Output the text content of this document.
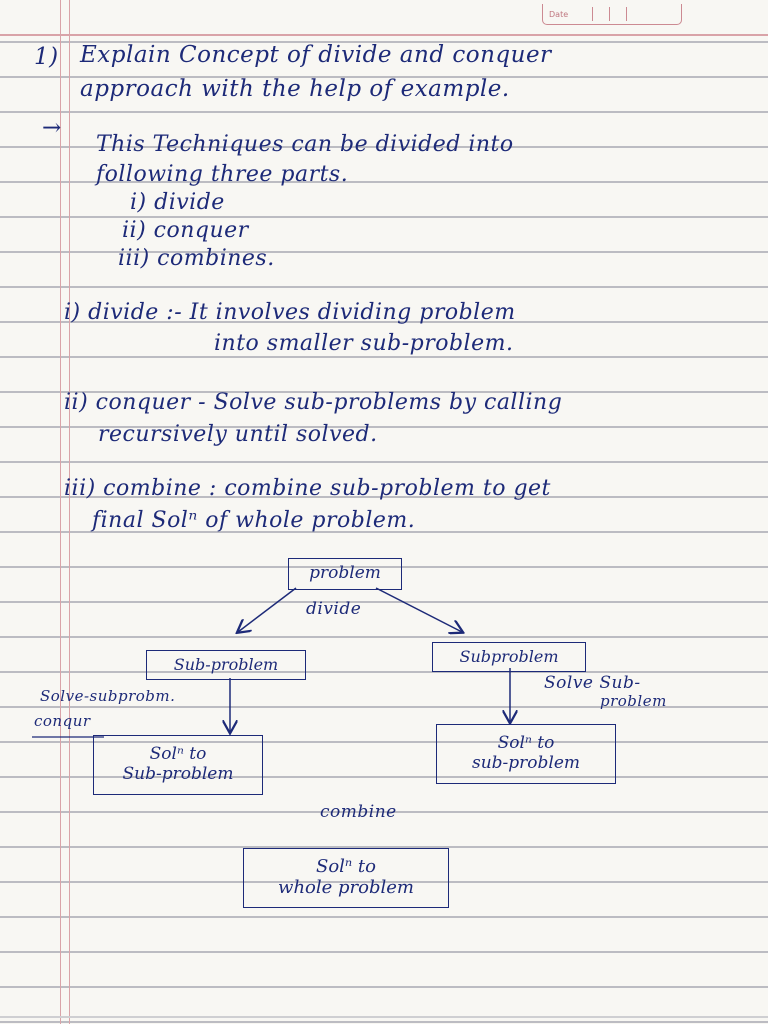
Date

1) Explain Concept of divide and conquer

approach with the help of example.

→

This Techniques can be divided into

following three parts.

i) divide

ii) conquer

iii) combines.

i) divide :- It involves dividing problem

into smaller sub-problem.

ii) conquer - Solve sub-problems by calling

recursively until solved.

iii) combine : combine sub-problem to get

final Solⁿ of whole problem.

problem

divide

Sub-problem	Subproblem

Solve-subprobm.

conqur

Solve Sub-

problem

Solⁿ to
Sub-problem
Solⁿ to
sub-problem

combine

Solⁿ to
whole problem
